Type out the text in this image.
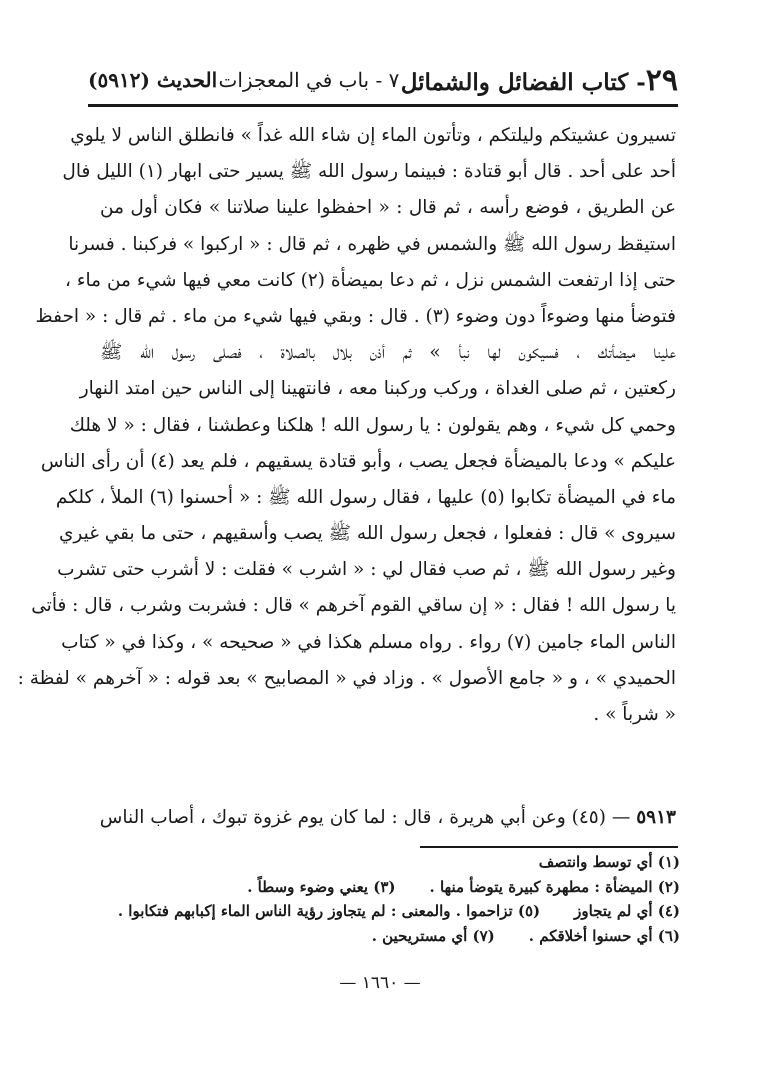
٢٩- كتاب الفضائل والشمائل
٧ - باب في المعجزات
الحديث (٥٩١٢)
تسيرون عشيتكم وليلتكم ، وتأتون الماء إن شاء الله غداً » فانطلق الناس لا يلوي
أحد على أحد . قال أبو قتادة : فبينما رسول الله ﷺ يسير حتى ابهار (١) الليل فال
عن الطريق ، فوضع رأسه ، ثم قال : « احفظوا علينا صلاتنا » فكان أول من
استيقظ رسول الله ﷺ والشمس في ظهره ، ثم قال : « اركبوا » فركبنا . فسرنا
حتى إذا ارتفعت الشمس نزل ، ثم دعا بميضأة (٢) كانت معي فيها شيء من ماء ،
فتوضأ منها وضوءاً دون وضوء (٣) . قال : وبقي فيها شيء من ماء . ثم قال : « احفظ
علينا ميضأتك ، فسيكون لها نبأ » ثم أذن بلال بالصلاة ، فصلى رسول الله ﷺ
ركعتين ، ثم صلى الغداة ، وركب وركبنا معه ، فانتهينا إلى الناس حين امتد النهار
وحمي كل شيء ، وهم يقولون : يا رسول الله ! هلكنا وعطشنا ، فقال : « لا هلك
عليكم » ودعا بالميضأة فجعل يصب ، وأبو قتادة يسقيهم ، فلم يعد (٤) أن رأى الناس
ماء في الميضأة تكابوا (٥) عليها ، فقال رسول الله ﷺ : « أحسنوا (٦) الملأ ، كلكم
سيروى » قال : ففعلوا ، فجعل رسول الله ﷺ يصب وأسقيهم ، حتى ما بقي غيري
وغير رسول الله ﷺ ، ثم صب فقال لي : « اشرب » فقلت : لا أشرب حتى تشرب
يا رسول الله ! فقال : « إن ساقي القوم آخرهم » قال : فشربت وشرب ، قال : فأتى
الناس الماء جامين (٧) رواء . رواه مسلم هكذا في « صحيحه » ، وكذا في « كتاب
الحميدي » ، و « جامع الأصول » . وزاد في « المصابيح » بعد قوله : « آخرهم » لفظة :
« شرباً » .
٥٩١٣ — (٤٥) وعن أبي هريرة ، قال : لما كان يوم غزوة تبوك ، أصاب الناس
(١) أي توسط وانتصف
(٢) الميضأة : مطهرة كبيرة يتوضأ منها .(٣) يعني وضوء وسطاً .
(٤) أي لم يتجاوز(٥) تزاحموا . والمعنى : لم يتجاوز رؤية الناس الماء إكبابهم فتكابوا .
(٦) أي حسنوا أخلاقكم .(٧) أي مستريحين .
— ١٦٦٠ —
